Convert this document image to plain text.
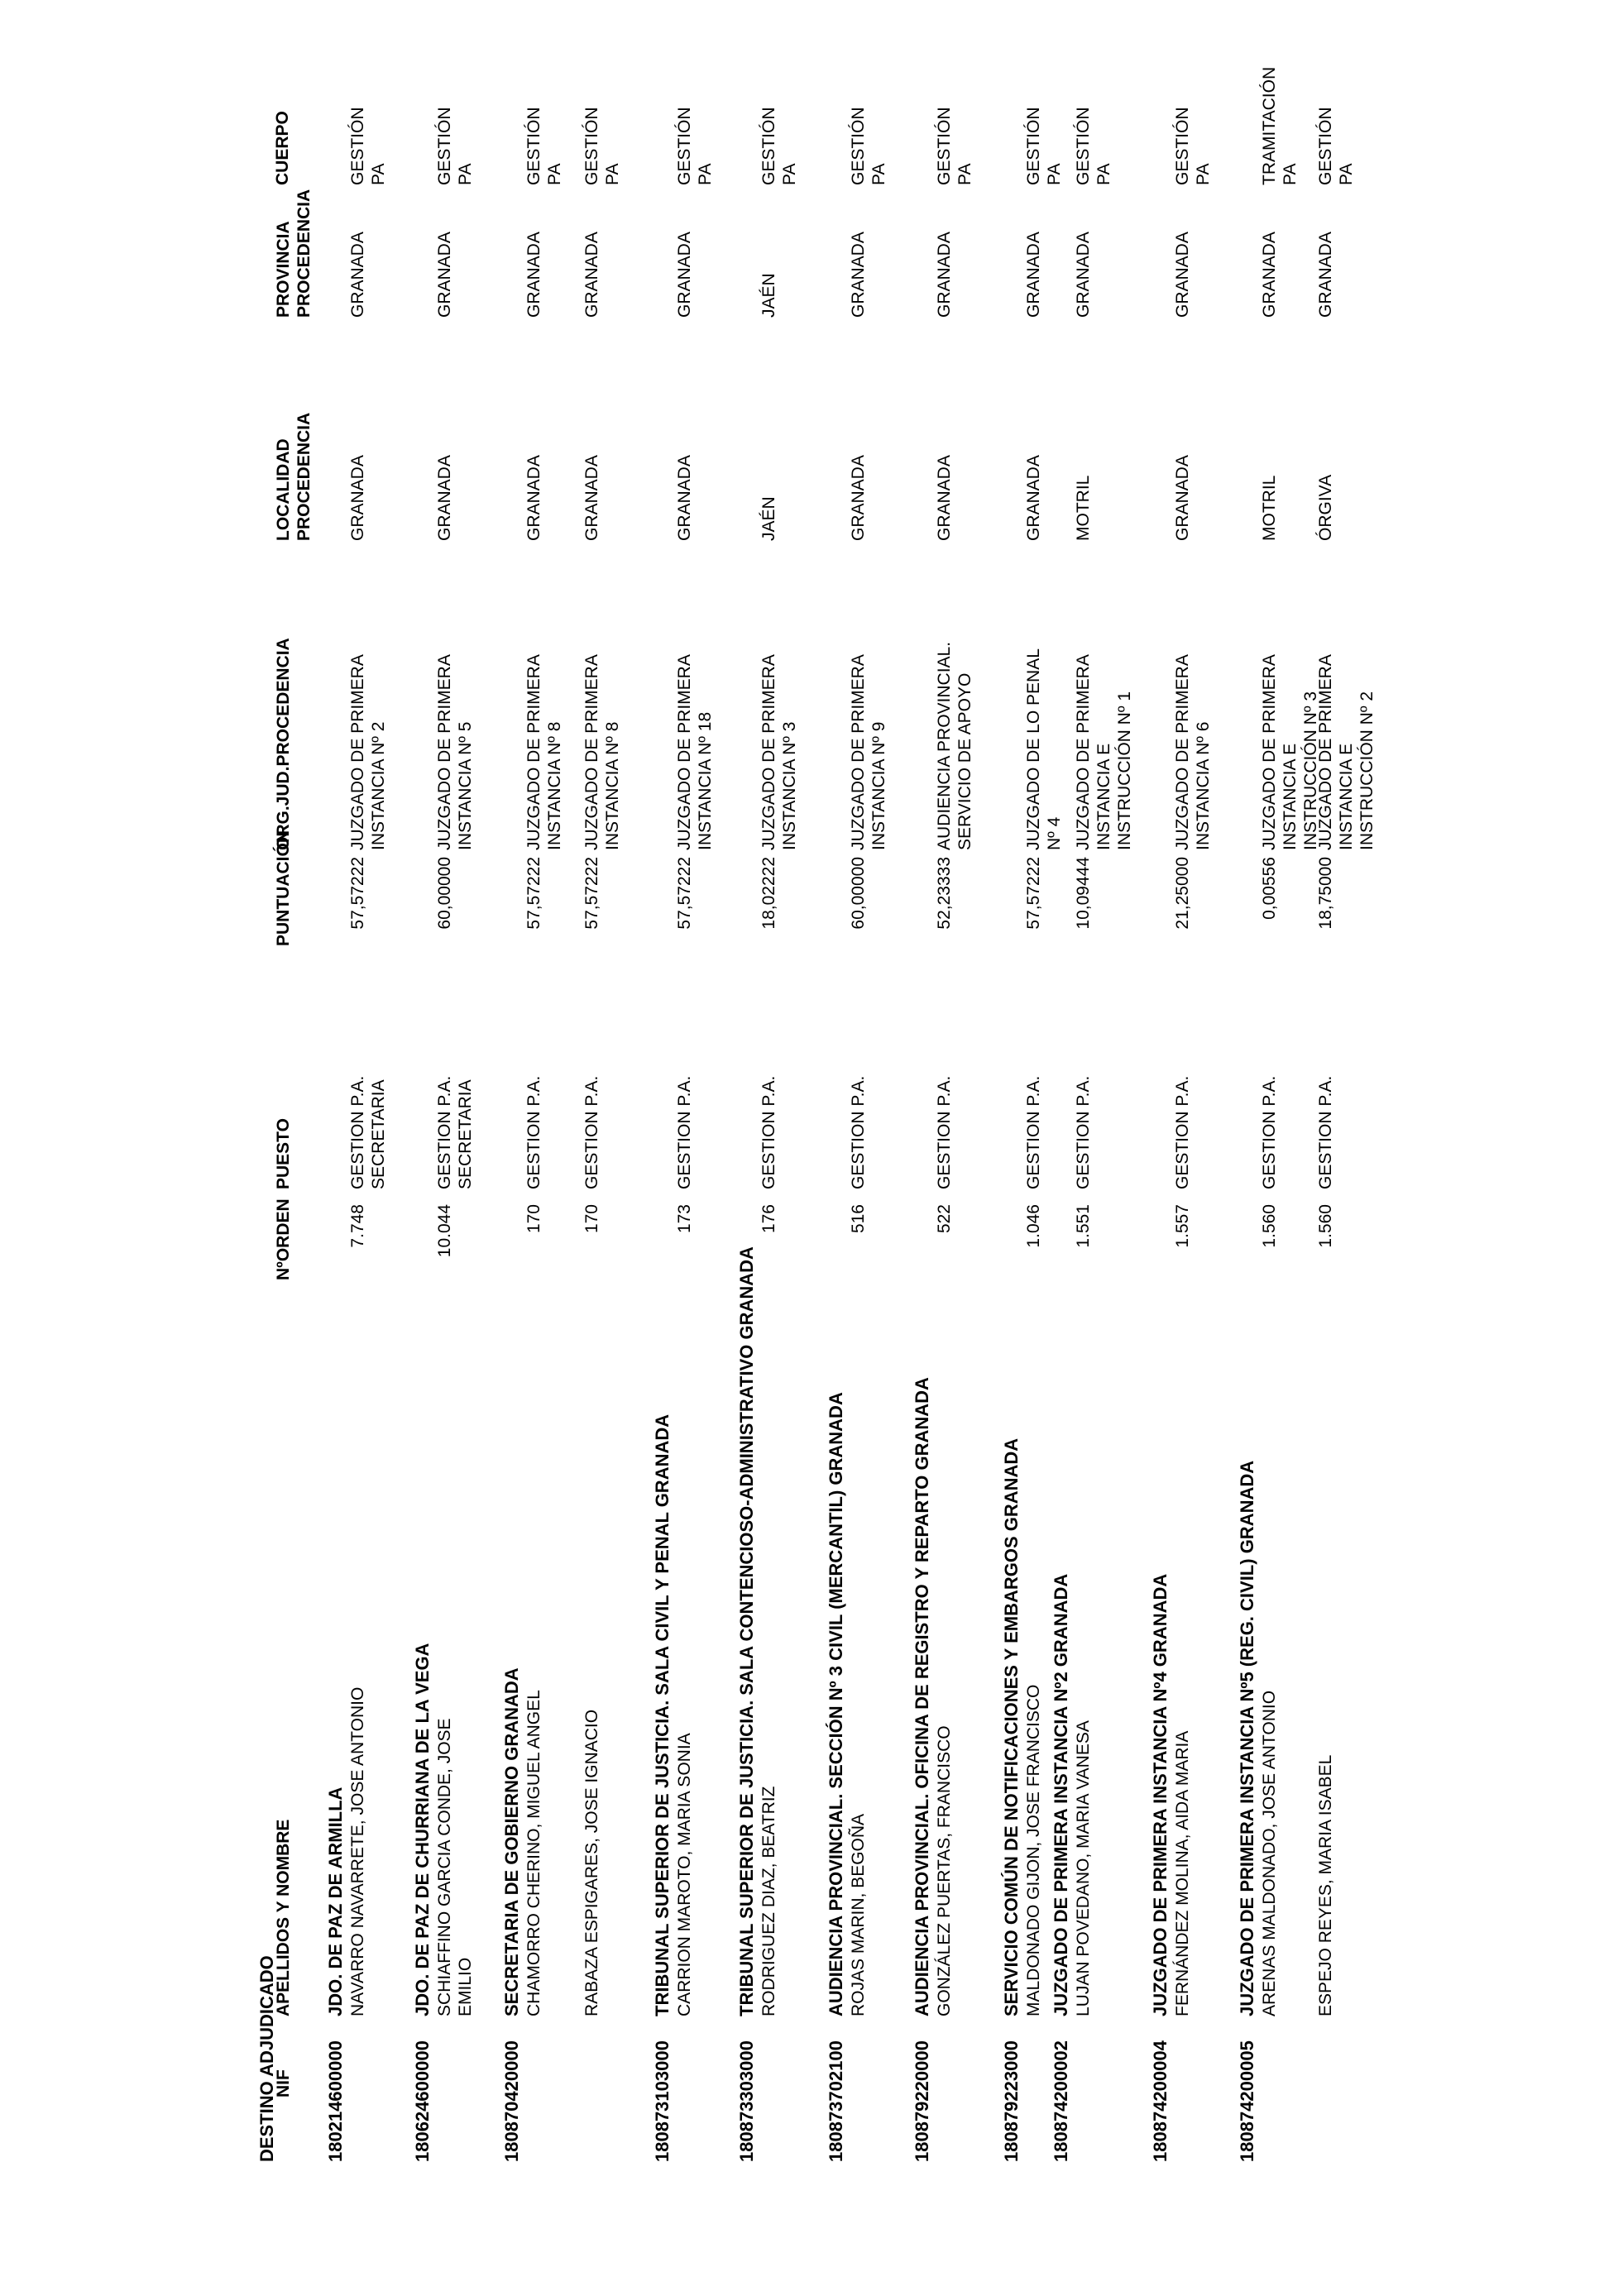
DESTINO ADJUDICADO
NIF
APELLIDOS Y NOMBRE
NºORDEN
PUESTO
PUNTUACIÓN
ORG.JUD.PROCEDENCIA
LOCALIDAD PROCEDENCIA
PROVINCIA PROCEDENCIA
CUERPO
180214600000
JDO. DE PAZ DE ARMILLA NAVARRO NAVARRETE, JOSE ANTONIO
7.748
GESTION P.A. SECRETARIA
57,57222
JUZGADO DE PRIMERA INSTANCIA Nº 2
GRANADA
GRANADA
GESTIÓN PA
180624600000
JDO. DE PAZ DE CHURRIANA DE LA VEGA SCHIAFFINO GARCIA CONDE, JOSE EMILIO
10.044
GESTION P.A. SECRETARIA
60,00000
JUZGADO DE PRIMERA INSTANCIA Nº 5
GRANADA
GRANADA
GESTIÓN PA
180870420000
SECRETARIA DE GOBIERNO GRANADA CHAMORRO CHERINO, MIGUEL ANGEL
170
GESTION P.A.
57,57222
JUZGADO DE PRIMERA INSTANCIA Nº 8
GRANADA
GRANADA
GESTIÓN PA
RABAZA ESPIGARES, JOSE IGNACIO
170
GESTION P.A.
57,57222
JUZGADO DE PRIMERA INSTANCIA Nº 8
GRANADA
GRANADA
GESTIÓN PA
180873103000
TRIBUNAL SUPERIOR DE JUSTICIA. SALA CIVIL Y PENAL GRANADA CARRION MAROTO, MARIA SONIA
173
GESTION P.A.
57,57222
JUZGADO DE PRIMERA INSTANCIA Nº 18
GRANADA
GRANADA
GESTIÓN PA
180873303000
TRIBUNAL SUPERIOR DE JUSTICIA. SALA CONTENCIOSO-ADMINISTRATIVO GRANADA RODRIGUEZ DIAZ, BEATRIZ
176
GESTION P.A.
18,02222
JUZGADO DE PRIMERA INSTANCIA Nº 3
JAÉN
JAÉN
GESTIÓN PA
180873702100
AUDIENCIA PROVINCIAL. SECCIÓN Nº 3 CIVIL (MERCANTIL) GRANADA ROJAS MARIN, BEGOÑA
516
GESTION P.A.
60,00000
JUZGADO DE PRIMERA INSTANCIA Nº 9
GRANADA
GRANADA
GESTIÓN PA
180879220000
AUDIENCIA PROVINCIAL. OFICINA DE REGISTRO Y REPARTO GRANADA GONZÁLEZ PUERTAS, FRANCISCO
522
GESTION P.A.
52,23333
AUDIENCIA PROVINCIAL. SERVICIO DE APOYO
GRANADA
GRANADA
GESTIÓN PA
180879223000
SERVICIO COMÚN DE NOTIFICACIONES Y EMBARGOS GRANADA MALDONADO GIJON, JOSE FRANCISCO
1.046
GESTION P.A.
57,57222
JUZGADO DE LO PENAL Nº 4
GRANADA
GRANADA
GESTIÓN PA
180874200002
JUZGADO DE PRIMERA INSTANCIA Nº2 GRANADA LUJAN POVEDANO, MARIA VANESA
1.551
GESTION P.A.
10,09444
JUZGADO DE PRIMERA INSTANCIA E INSTRUCCIÓN Nº 1
MOTRIL
GRANADA
GESTIÓN PA
180874200004
JUZGADO DE PRIMERA INSTANCIA Nº4 GRANADA FERNÁNDEZ MOLINA, AIDA MARIA
1.557
GESTION P.A.
21,25000
JUZGADO DE PRIMERA INSTANCIA Nº 6
GRANADA
GRANADA
GESTIÓN PA
180874200005
JUZGADO DE PRIMERA INSTANCIA Nº5 (REG. CIVIL) GRANADA ARENAS MALDONADO, JOSE ANTONIO
1.560
GESTION P.A.
0,00556
JUZGADO DE PRIMERA INSTANCIA E INSTRUCCIÓN Nº 3
MOTRIL
GRANADA
TRAMITACIÓN PA
ESPEJO REYES, MARIA ISABEL
1.560
GESTION P.A.
18,75000
JUZGADO DE PRIMERA INSTANCIA E INSTRUCCIÓN Nº 2
ÓRGIVA
GRANADA
GESTIÓN PA
